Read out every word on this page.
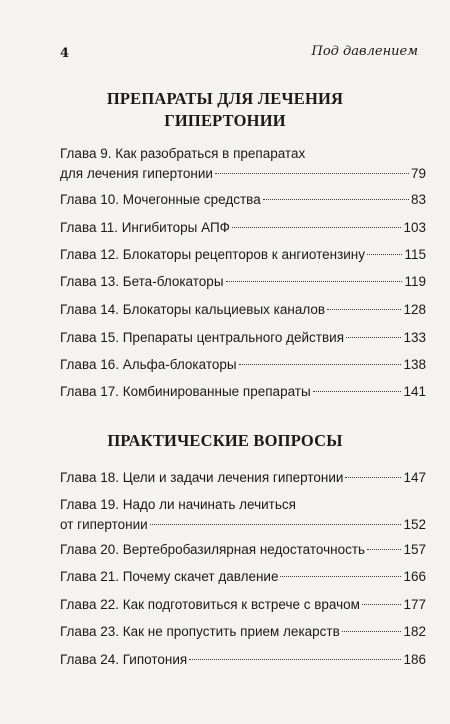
4	Под давлением
ПРЕПАРАТЫ ДЛЯ ЛЕЧЕНИЯ
ГИПЕРТОНИИ
Глава 9. Как разобраться в препаратах
для лечения гипертонии	79
Глава 10. Мочегонные средства	83
Глава 11. Ингибиторы АПФ	103
Глава 12. Блокаторы рецепторов к ангиотензину	115
Глава 13. Бета-блокаторы	119
Глава 14. Блокаторы кальциевых каналов	128
Глава 15. Препараты центрального действия	133
Глава 16. Альфа-блокаторы	138
Глава 17. Комбинированные препараты	141
ПРАКТИЧЕСКИЕ ВОПРОСЫ
Глава 18. Цели и задачи лечения гипертонии	147
Глава 19. Надо ли начинать лечиться
от гипертонии	152
Глава 20. Вертебробазилярная недостаточность	157
Глава 21. Почему скачет давление	166
Глава 22. Как подготовиться к встрече с врачом	177
Глава 23. Как не пропустить прием лекарств	182
Глава 24. Гипотония	186
